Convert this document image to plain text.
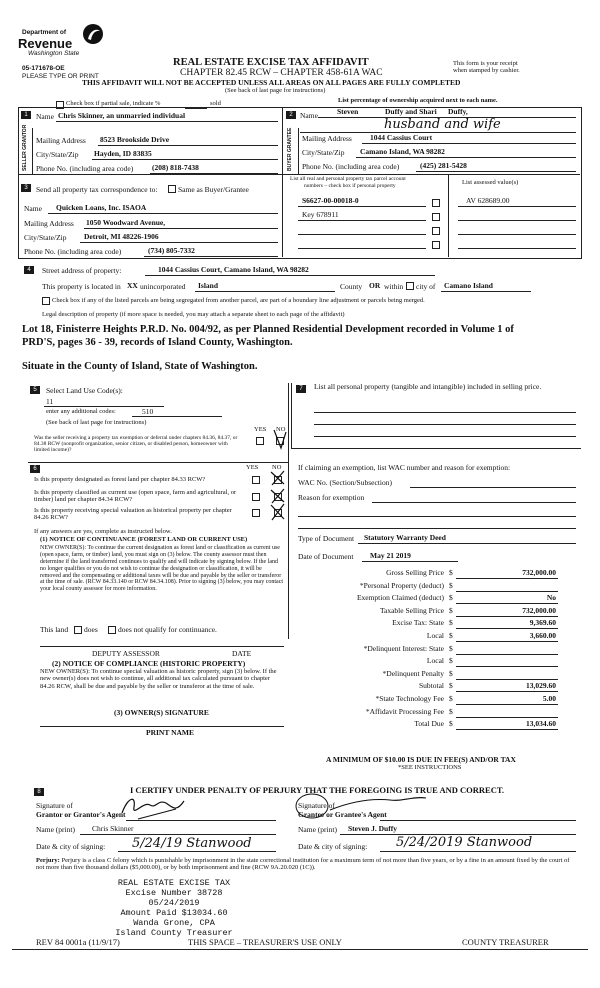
Department of
Revenue
Washington State
05-171678-OE
PLEASE TYPE OR PRINT
REAL ESTATE EXCISE TAX AFFIDAVIT
CHAPTER 82.45 RCW – CHAPTER 458-61A WAC
THIS AFFIDAVIT WILL NOT BE ACCEPTED UNLESS ALL AREAS ON ALL PAGES ARE FULLY COMPLETED
(See back of last page for instructions)
This form is your receipt
when stamped by cashier.
Check box if partial sale, indicate %	sold	List percentage of ownership acquired next to each name.
1
SELLER GRANTOR
Name Chris Skinner, an unmarried individual
Mailing Address 8523 Brookside Drive
City/State/Zip Hayden, ID 83835
Phone No. (including area code) (208) 818-7438
2
BUYER GRANTEE
Name	Steven	Duffy and Shari Duffy,
husband and wife
Mailing Address 1044 Cassius Court
City/State/Zip Camano Island, WA 98282
Phone No. (including area code)	(425) 281-5428
3	Send all property tax correspondence to:	Same as Buyer/Grantee
Name Quicken Loans, Inc. ISAOA
Mailing Address 1050 Woodward Avenue,
City/State/Zip Detroit, MI 48226-1906
Phone No. (including area code)	(734) 805-7332
List all real and personal property tax parcel account
numbers – check box if personal property	List assessed value(s)
S6627-00-00018-0	AV 628689.00
Key 678911
4	Street address of property:	1044 Cassius Court, Camano Island, WA 98282
This property is located in XX unincorporated Island	County OR within city of Camano Island
Check box if any of the listed parcels are being segregated from another parcel, are part of a boundary line adjustment or parcels being merged.
Legal description of property (if more space is needed, you may attach a separate sheet to each page of the affidavit)
Lot 18, Finisterre Heights P.R.D. No. 004/92, as per Planned Residential Development recorded in Volume 1 of
PRD'S, pages 36 - 39, records of Island County, Washington.
Situate in the County of Island, State of Washington.
5	Select Land Use Code(s):
11
enter any additional codes:	510
(See back of last page for instructions)
YES NO
Was the seller receiving a property tax exemption or deferral under chapters 84.36, 84.37, or 84.38 RCW (nonprofit organization, senior citizen, or disabled person, homeowner with limited income)?
6	YES NO
Is this property designated as forest land per chapter 84.33 RCW?
Is this property classified as current use (open space, farm and agricultural, or timber) land per chapter 84.34 RCW?
Is this property receiving special valuation as historical property per chapter 84.26 RCW?
If any answers are yes, complete as instructed below.
(1) NOTICE OF CONTINUANCE (FOREST LAND OR CURRENT USE)
NEW OWNER(S): To continue the current designation as forest land or classification as current use (open space, farm, or timber) land, you must sign on (3) below. The county assessor must then determine if the land transferred continues to qualify and will indicate by signing below. If the land no longer qualifies or you do not wish to continue the designation or classification, it will be removed and the compensating or additional taxes will be due and payable by the seller or transferor at the time of sale. (RCW 84.33.140 or RCW 84.34.108). Prior to signing (3) below, you may contact your local county assessor for more information.
This land does	does not qualify for continuance.
DEPUTY ASSESSOR	DATE
(2) NOTICE OF COMPLIANCE (HISTORIC PROPERTY)
NEW OWNER(S): To continue special valuation as historic property, sign (3) below. If the new owner(s) does not wish to continue, all additional tax calculated pursuant to chapter 84.26 RCW, shall be due and payable by the seller or transferor at the time of sale.
(3) OWNER(S) SIGNATURE
PRINT NAME
7	List all personal property (tangible and intangible) included in selling price.
If claiming an exemption, list WAC number and reason for exemption:
WAC No. (Section/Subsection)
Reason for exemption
Type of Document Statutory Warranty Deed
Date of Document May 21 2019
Gross Selling Price $	732,000.00
*Personal Property (deduct) $
Exemption Claimed (deduct) $	No
Taxable Selling Price $	732,000.00
Excise Tax: State $	9,369.60
Local $	3,660.00
*Delinquent Interest: State $
Local $
*Delinquent Penalty $
Subtotal $	13,029.60
*State Technology Fee $	5.00
*Affidavit Processing Fee $
Total Due $	13,034.60
A MINIMUM OF $10.00 IS DUE IN FEE(S) AND/OR TAX
*SEE INSTRUCTIONS
8	I CERTIFY UNDER PENALTY OF PERJURY THAT THE FOREGOING IS TRUE AND CORRECT.
Signature of
Grantor or Grantor's Agent
Signature of
Grantee or Grantee's Agent
Name (print) Chris Skinner	Name (print) Steven J. Duffy
Date & city of signing: 5/24/19 Stanwood	Date & city of signing: 5/24/2019 Stanwood
Perjury: Perjury is a class C felony which is punishable by imprisonment in the state correctional institution for a maximum term of not more than five years, or by a fine in an amount fixed by the court of not more than five thousand dollars ($5,000.00), or by both imprisonment and fine (RCW 9A.20.020 (1C)).
REAL ESTATE EXCISE TAX
Excise Number 38728
05/24/2019
Amount Paid $13034.60
Wanda Grone, CPA
Island County Treasurer
REV 84 0001a (11/9/17)	THIS SPACE – TREASURER'S USE ONLY	COUNTY TREASURER
